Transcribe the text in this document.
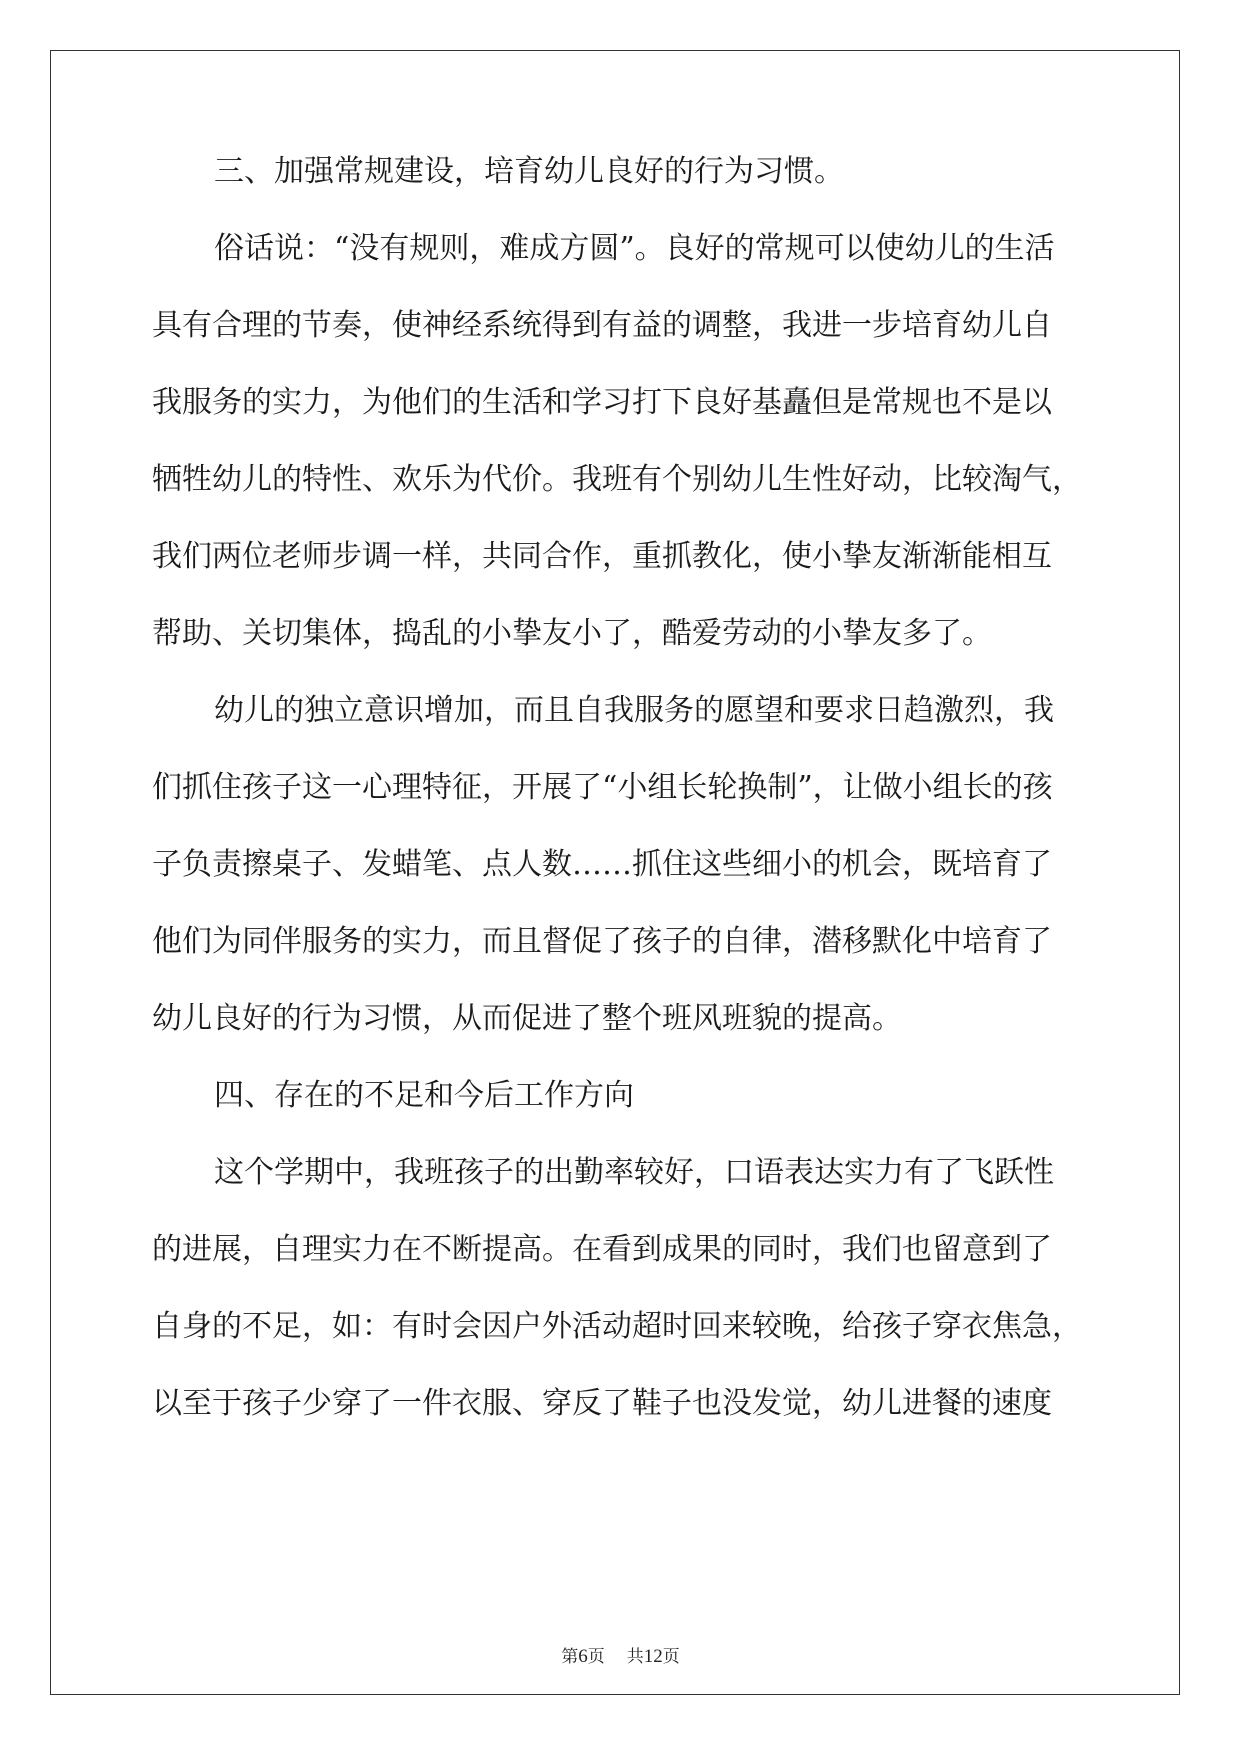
三、加强常规建设，培育幼儿良好的行为习惯。
俗话说：“没有规则，难成方圆”。良好的常规可以使幼儿的生活
具有合理的节奏，使神经系统得到有益的调整，我进一步培育幼儿自
我服务的实力，为他们的生活和学习打下良好基矗但是常规也不是以
牺牲幼儿的特性、欢乐为代价。我班有个别幼儿生性好动，比较淘气，
我们两位老师步调一样，共同合作，重抓教化，使小挚友渐渐能相互
帮助、关切集体，捣乱的小挚友小了，酷爱劳动的小挚友多了。
幼儿的独立意识增加，而且自我服务的愿望和要求日趋激烈，我
们抓住孩子这一心理特征，开展了“小组长轮换制”，让做小组长的孩
子负责擦桌子、发蜡笔、点人数……抓住这些细小的机会，既培育了
他们为同伴服务的实力，而且督促了孩子的自律，潜移默化中培育了
幼儿良好的行为习惯，从而促进了整个班风班貌的提高。
四、存在的不足和今后工作方向
这个学期中，我班孩子的出勤率较好，口语表达实力有了飞跃性
的进展，自理实力在不断提高。在看到成果的同时，我们也留意到了
自身的不足，如：有时会因户外活动超时回来较晚，给孩子穿衣焦急，
以至于孩子少穿了一件衣服、穿反了鞋子也没发觉，幼儿进餐的速度
第6页 共12页
